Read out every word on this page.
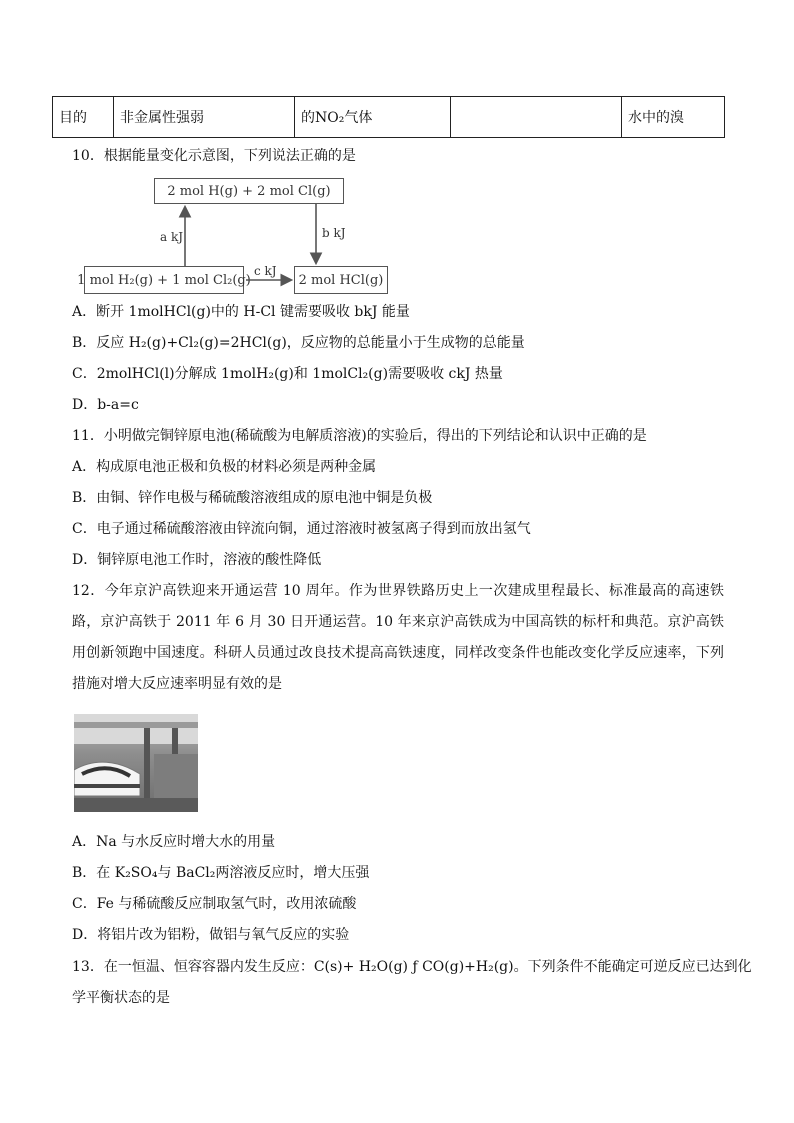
目的	非金属性强弱	的NO₂气体		水中的溴
10．根据能量变化示意图，下列说法正确的是
2 mol H(g) + 2 mol Cl(g)
1 mol H₂(g) + 1 mol Cl₂(g)	2 mol HCl(g)
a kJ	b kJ
c kJ
A．断开 1molHCl(g)中的 H-Cl 键需要吸收 bkJ 能量
B．反应 H₂(g)+Cl₂(g)=2HCl(g)，反应物的总能量小于生成物的总能量
C．2molHCl(l)分解成 1molH₂(g)和 1molCl₂(g)需要吸收 ckJ 热量
D．b-a=c
11．小明做完铜锌原电池(稀硫酸为电解质溶液)的实验后，得出的下列结论和认识中正确的是
A．构成原电池正极和负极的材料必须是两种金属
B．由铜、锌作电极与稀硫酸溶液组成的原电池中铜是负极
C．电子通过稀硫酸溶液由锌流向铜，通过溶液时被氢离子得到而放出氢气
D．铜锌原电池工作时，溶液的酸性降低
12．今年京沪高铁迎来开通运营 10 周年。作为世界铁路历史上一次建成里程最长、标准最高的高速铁路，京沪高铁于 2011 年 6 月 30 日开通运营。10 年来京沪高铁成为中国高铁的标杆和典范。京沪高铁用创新领跑中国速度。科研人员通过改良技术提高高铁速度，同样改变条件也能改变化学反应速率，下列措施对增大反应速率明显有效的是
A．Na 与水反应时增大水的用量
B．在 K₂SO₄与 BaCl₂两溶液反应时，增大压强
C．Fe 与稀硫酸反应制取氢气时，改用浓硫酸
D．将铝片改为铝粉，做铝与氧气反应的实验
13．在一恒温、恒容容器内发生反应：C(s)+ H₂O(g) ƒ CO(g)+H₂(g)。下列条件不能确定可逆反应已达到化
学平衡状态的是
